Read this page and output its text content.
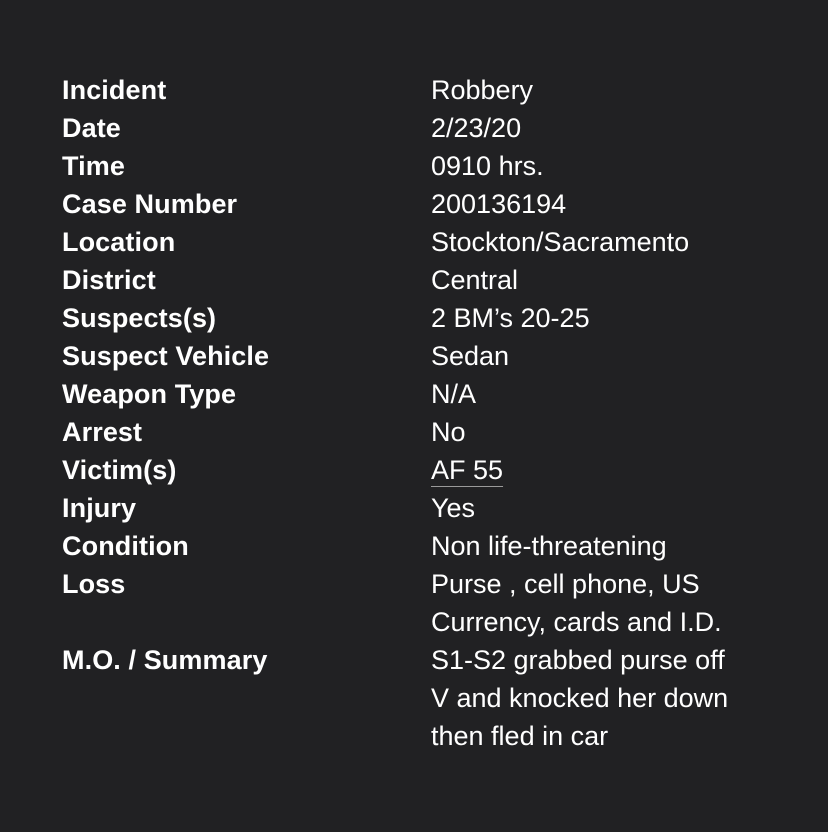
Incident	Robbery
Date	2/23/20
Time	0910 hrs.
Case Number	200136194
Location	Stockton/Sacramento
District	Central
Suspects(s)	2 BM’s 20-25
Suspect Vehicle	Sedan
Weapon Type	N/A
Arrest	No
Victim(s)	AF 55
Injury	Yes
Condition	Non life-threatening
Loss	Purse , cell phone, US
Currency, cards and I.D.
M.O. / Summary	S1-S2 grabbed purse off
V and knocked her down
then fled in car
